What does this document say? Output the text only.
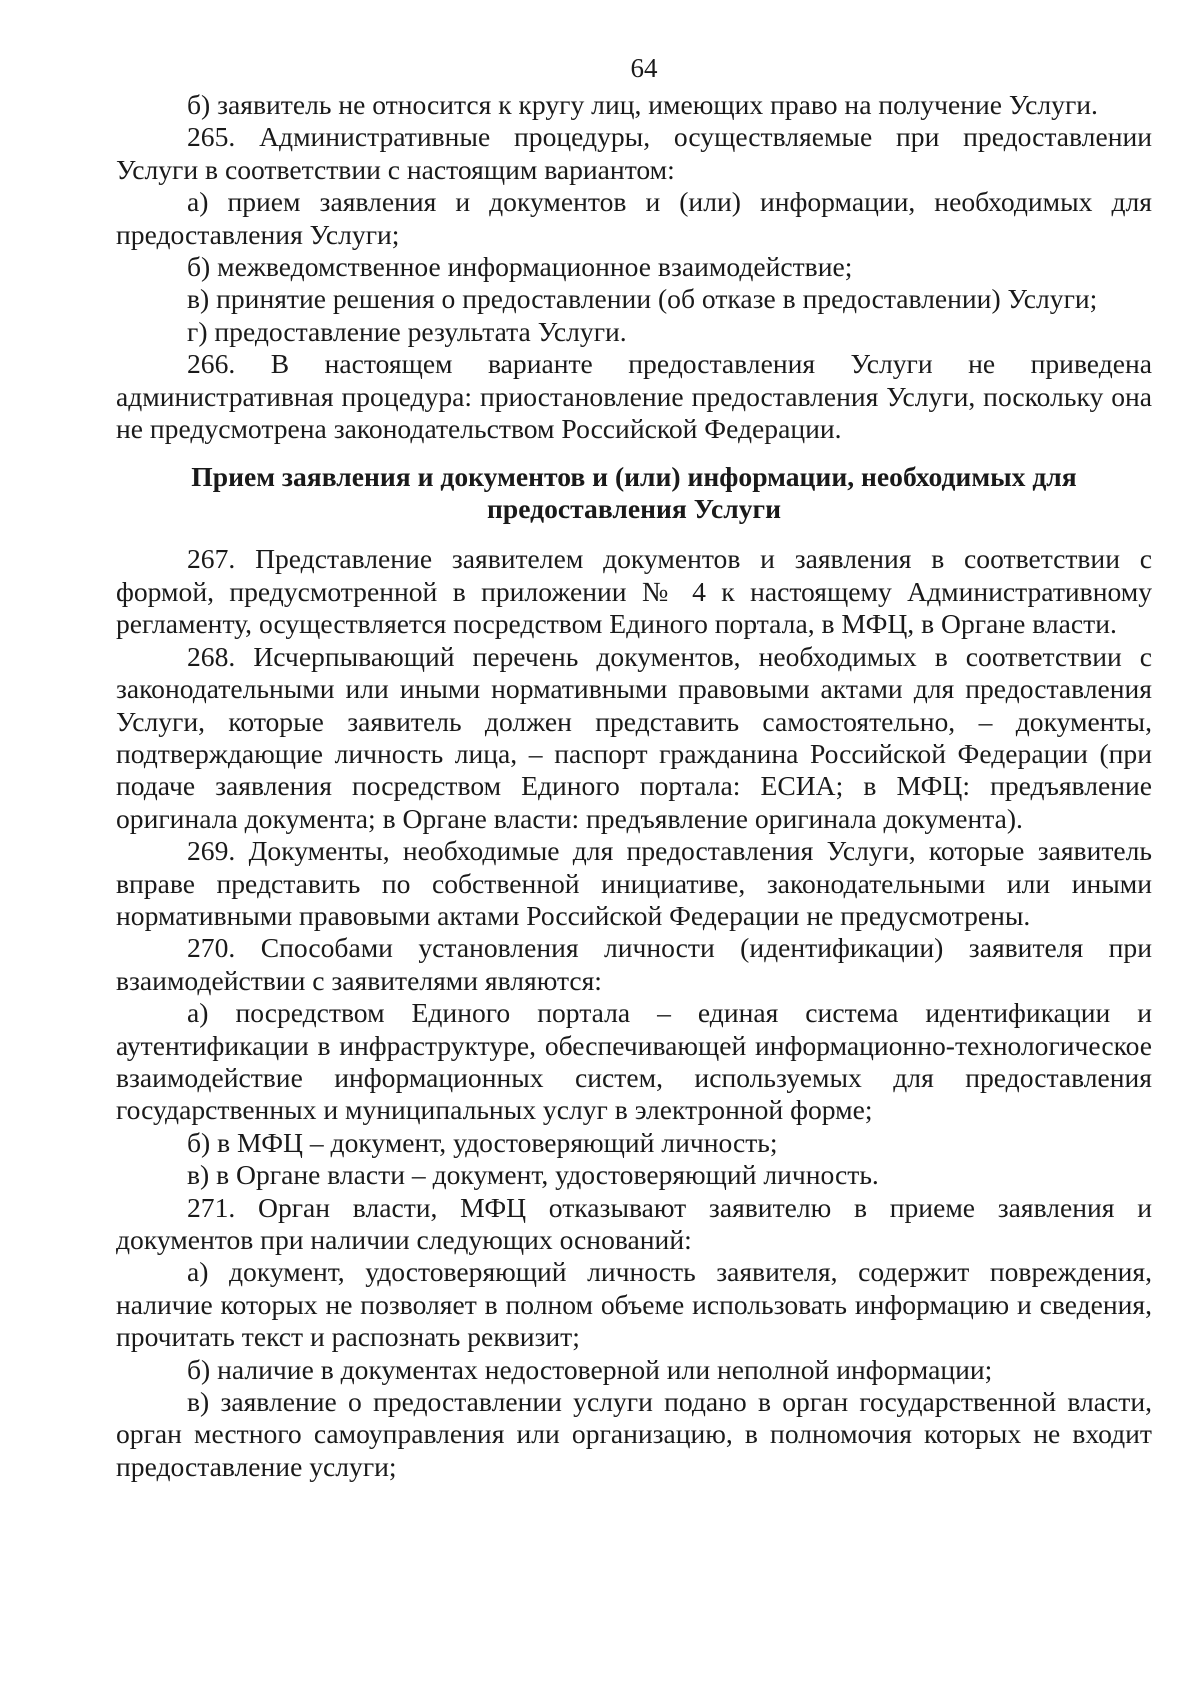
64

б) заявитель не относится к кругу лиц, имеющих право на получение Услуги.

265. Административные процедуры, осуществляемые при предоставлении Услуги в соответствии с настоящим вариантом:

а) прием заявления и документов и (или) информации, необходимых для предоставления Услуги;

б) межведомственное информационное взаимодействие;

в) принятие решения о предоставлении (об отказе в предоставлении) Услуги;

г) предоставление результата Услуги.

266. В настоящем варианте предоставления Услуги не приведена административная процедура: приостановление предоставления Услуги, поскольку она не предусмотрена законодательством Российской Федерации.

Прием заявления и документов и (или) информации, необходимых для
предоставления Услуги

267. Представление заявителем документов и заявления в соответствии с формой, предусмотренной в приложении № 4 к настоящему Административному регламенту, осуществляется посредством Единого портала, в МФЦ, в Органе власти.

268. Исчерпывающий перечень документов, необходимых в соответствии с законодательными или иными нормативными правовыми актами для предоставления Услуги, которые заявитель должен представить самостоятельно, – документы, подтверждающие личность лица, – паспорт гражданина Российской Федерации (при подаче заявления посредством Единого портала: ЕСИА; в МФЦ: предъявление оригинала документа; в Органе власти: предъявление оригинала документа).

269. Документы, необходимые для предоставления Услуги, которые заявитель вправе представить по собственной инициативе, законодательными или иными нормативными правовыми актами Российской Федерации не предусмотрены.

270. Способами установления личности (идентификации) заявителя при взаимодействии с заявителями являются:

а) посредством Единого портала – единая система идентификации и аутентификации в инфраструктуре, обеспечивающей информационно-технологическое взаимодействие информационных систем, используемых для предоставления государственных и муниципальных услуг в электронной форме;

б) в МФЦ – документ, удостоверяющий личность;

в) в Органе власти – документ, удостоверяющий личность.

271. Орган власти, МФЦ отказывают заявителю в приеме заявления и документов при наличии следующих оснований:

а) документ, удостоверяющий личность заявителя, содержит повреждения, наличие которых не позволяет в полном объеме использовать информацию и сведения, прочитать текст и распознать реквизит;

б) наличие в документах недостоверной или неполной информации;

в) заявление о предоставлении услуги подано в орган государственной власти, орган местного самоуправления или организацию, в полномочия которых не входит предоставление услуги;
